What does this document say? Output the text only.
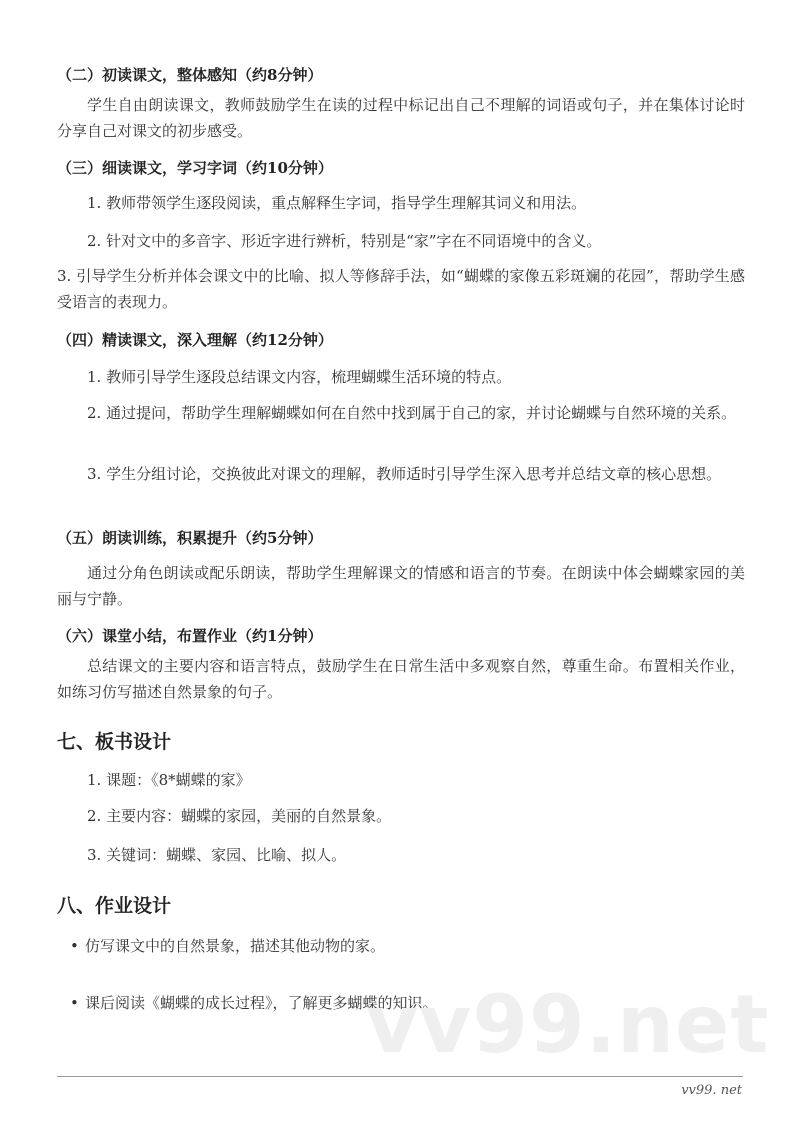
（二）初读课文，整体感知（约8分钟）
学生自由朗读课文，教师鼓励学生在读的过程中标记出自己不理解的词语或句子，并在集体讨论时分享自己对课文的初步感受。
（三）细读课文，学习字词（约10分钟）
1. 教师带领学生逐段阅读，重点解释生字词，指导学生理解其词义和用法。
2. 针对文中的多音字、形近字进行辨析，特别是“家”字在不同语境中的含义。
3. 引导学生分析并体会课文中的比喻、拟人等修辞手法，如“蝴蝶的家像五彩斑斓的花园”，帮助学生感受语言的表现力。
（四）精读课文，深入理解（约12分钟）
1. 教师引导学生逐段总结课文内容，梳理蝴蝶生活环境的特点。
2. 通过提问，帮助学生理解蝴蝶如何在自然中找到属于自己的家，并讨论蝴蝶与自然环境的关系。
3. 学生分组讨论，交换彼此对课文的理解，教师适时引导学生深入思考并总结文章的核心思想。
（五）朗读训练，积累提升（约5分钟）
通过分角色朗读或配乐朗读，帮助学生理解课文的情感和语言的节奏。在朗读中体会蝴蝶家园的美丽与宁静。
（六）课堂小结，布置作业（约1分钟）
总结课文的主要内容和语言特点，鼓励学生在日常生活中多观察自然，尊重生命。布置相关作业，如练习仿写描述自然景象的句子。
七、板书设计
1. 课题：《8*蝴蝶的家》
2. 主要内容：蝴蝶的家园，美丽的自然景象。
3. 关键词：蝴蝶、家园、比喻、拟人。
八、作业设计
• 仿写课文中的自然景象，描述其他动物的家。
• 课后阅读《蝴蝶的成长过程》，了解更多蝴蝶的知识。
vv99.net
vv99. net
